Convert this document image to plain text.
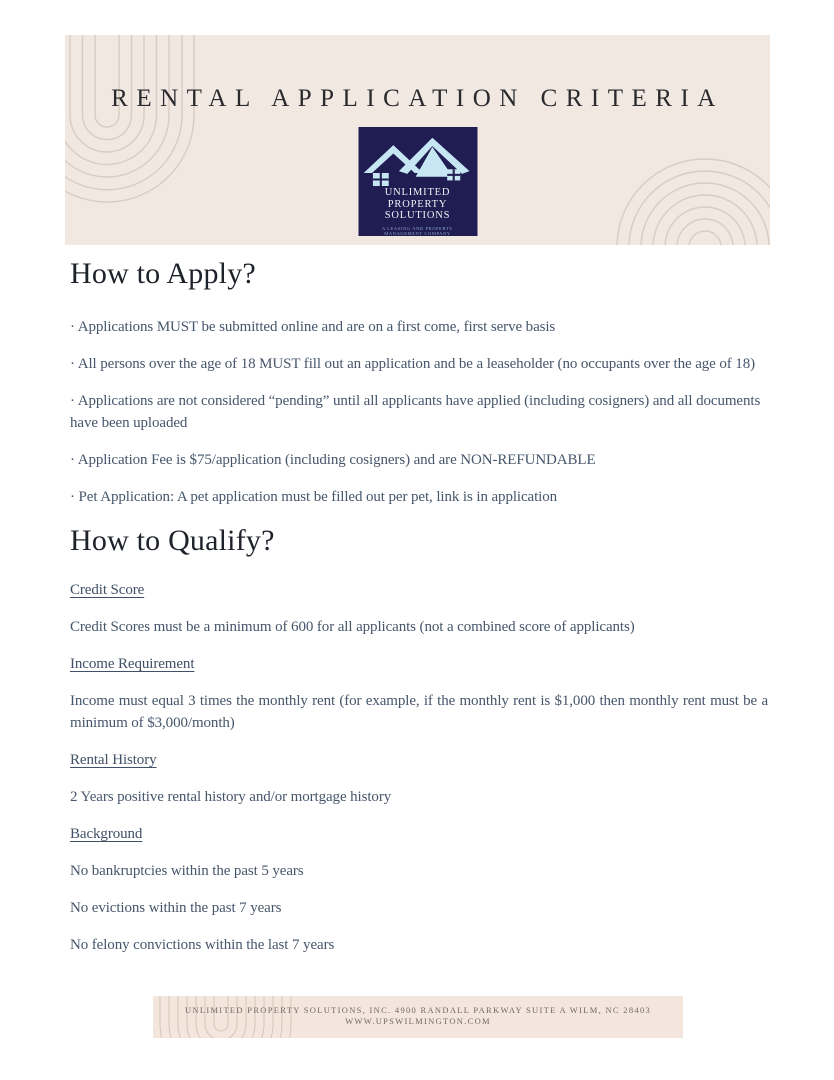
RENTAL APPLICATION CRITERIA
UNLIMITED
PROPERTY
SOLUTIONS
A LEASING AND PROPERTY
MANAGEMENT COMPANY
How to Apply?

· Applications MUST be submitted online and are on a first come, first serve basis

· All persons over the age of 18 MUST fill out an application and be a leaseholder (no occupants over the age of 18)

· Applications are not considered “pending” until all applicants have applied (including cosigners) and all documents have been uploaded

· Application Fee is $75/application (including cosigners) and are NON-REFUNDABLE

· Pet Application: A pet application must be filled out per pet, link is in application

How to Qualify?

Credit Score

Credit Scores must be a minimum of 600 for all applicants (not a combined score of applicants)

Income Requirement

Income must equal 3 times the monthly rent (for example, if the monthly rent is $1,000 then monthly rent must be a minimum of $3,000/month)

Rental History

2 Years positive rental history and/or mortgage history

Background

No bankruptcies within the past 5 years

No evictions within the past 7 years

No felony convictions within the last 7 years

UNLIMITED PROPERTY SOLUTIONS, INC. 4900 RANDALL PARKWAY SUITE A WILM, NC 28403
WWW.UPSWILMINGTON.COM
